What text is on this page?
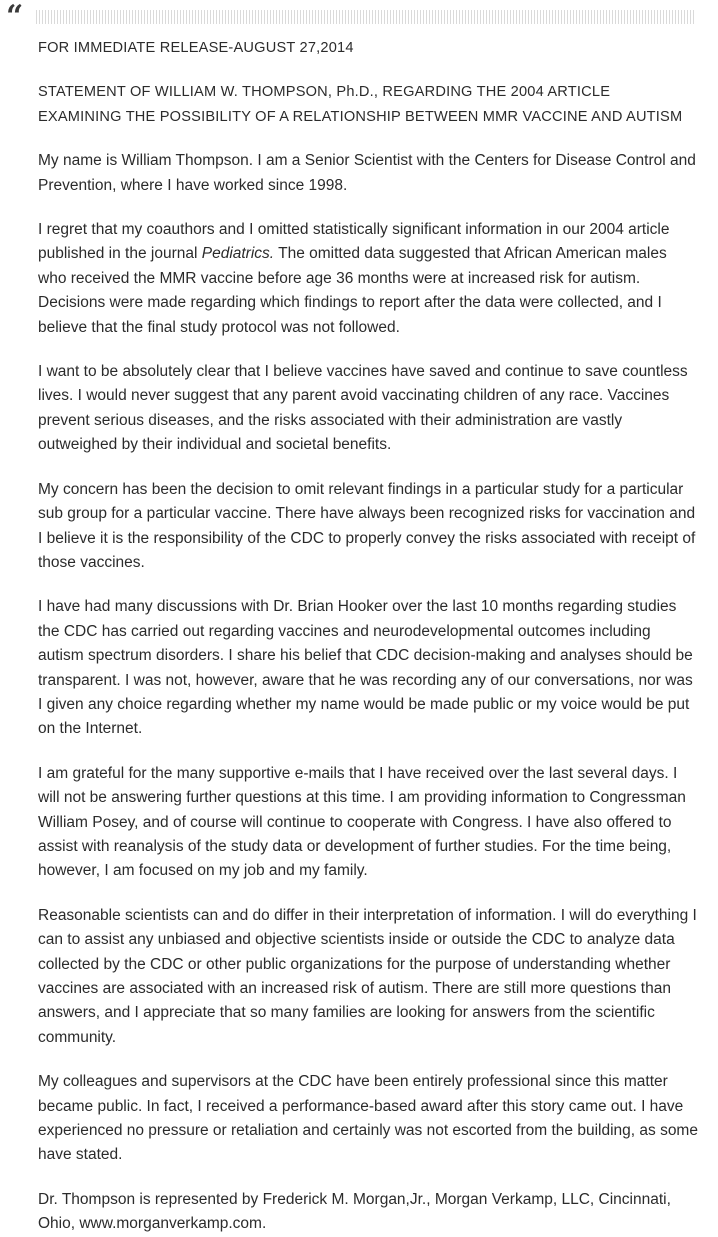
“
FOR IMMEDIATE RELEASE-AUGUST 27,2014
STATEMENT OF WILLIAM W. THOMPSON, Ph.D., REGARDING THE 2004 ARTICLE EXAMINING THE POSSIBILITY OF A RELATIONSHIP BETWEEN MMR VACCINE AND AUTISM

My name is William Thompson. I am a Senior Scientist with the Centers for Disease Control and Prevention, where I have worked since 1998.

I regret that my coauthors and I omitted statistically significant information in our 2004 article published in the journal Pediatrics. The omitted data suggested that African American males who received the MMR vaccine before age 36 months were at increased risk for autism. Decisions were made regarding which findings to report after the data were collected, and I believe that the final study protocol was not followed.

I want to be absolutely clear that I believe vaccines have saved and continue to save countless lives. I would never suggest that any parent avoid vaccinating children of any race. Vaccines prevent serious diseases, and the risks associated with their administration are vastly outweighed by their individual and societal benefits.

My concern has been the decision to omit relevant findings in a particular study for a particular sub group for a particular vaccine. There have always been recognized risks for vaccination and I believe it is the responsibility of the CDC to properly convey the risks associated with receipt of those vaccines.

I have had many discussions with Dr. Brian Hooker over the last 10 months regarding studies the CDC has carried out regarding vaccines and neurodevelopmental outcomes including autism spectrum disorders. I share his belief that CDC decision-making and analyses should be transparent. I was not, however, aware that he was recording any of our conversations, nor was I given any choice regarding whether my name would be made public or my voice would be put on the Internet.

I am grateful for the many supportive e-mails that I have received over the last several days. I will not be answering further questions at this time. I am providing information to Congressman William Posey, and of course will continue to cooperate with Congress. I have also offered to assist with reanalysis of the study data or development of further studies. For the time being, however, I am focused on my job and my family.

Reasonable scientists can and do differ in their interpretation of information. I will do everything I can to assist any unbiased and objective scientists inside or outside the CDC to analyze data collected by the CDC or other public organizations for the purpose of understanding whether vaccines are associated with an increased risk of autism. There are still more questions than answers, and I appreciate that so many families are looking for answers from the scientific community.

My colleagues and supervisors at the CDC have been entirely professional since this matter became public. In fact, I received a performance-based award after this story came out. I have experienced no pressure or retaliation and certainly was not escorted from the building, as some have stated.

Dr. Thompson is represented by Frederick M. Morgan,Jr., Morgan Verkamp, LLC, Cincinnati, Ohio, www.morganverkamp.com.
